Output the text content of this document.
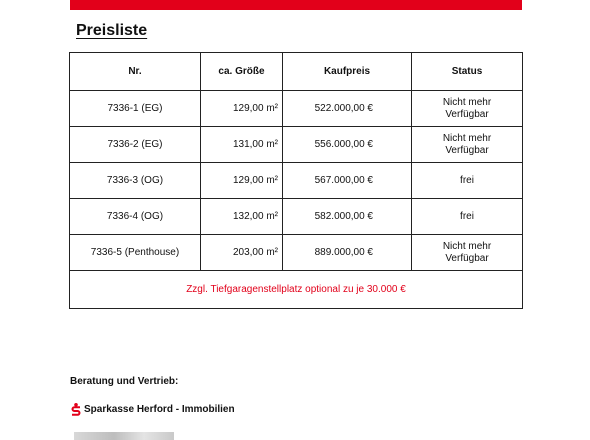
Preisliste
Nr.	ca. Größe	Kaufpreis	Status
7336-1 (EG)	129,00 m²	522.000,00 €	Nicht mehr
Verfügbar
7336-2 (EG)	131,00 m²	556.000,00 €	Nicht mehr
Verfügbar
7336-3 (OG)	129,00 m²	567.000,00 €	frei
7336-4 (OG)	132,00 m²	582.000,00 €	frei
7336-5 (Penthouse)	203,00 m²	889.000,00 €	Nicht mehr
Verfügbar
Zzgl. Tiefgaragenstellplatz optional zu je 30.000 €			

Beratung und Vertrieb:

Sparkasse Herford - Immobilien
